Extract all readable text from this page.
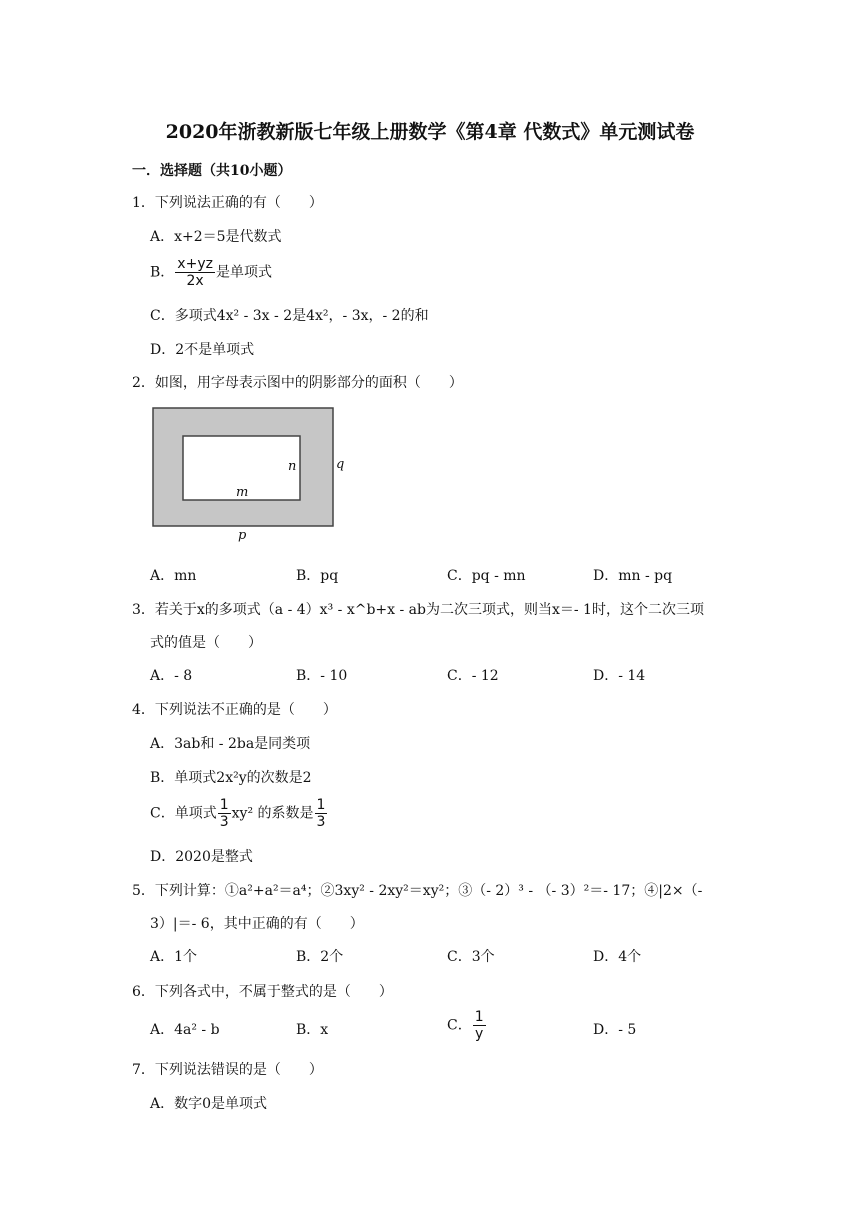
2020年浙教新版七年级上册数学《第4章 代数式》单元测试卷
一．选择题（共10小题）
1．下列说法正确的有（　　）
A．x+2＝5是代数式
B． $\frac{x+yz}{2x}$ 是单项式
C．多项式4x² - 3x - 2是4x²，- 3x，- 2的和
D．2不是单项式
2．如图，用字母表示图中的阴影部分的面积（　　）
m
n
p
q
A．mn	B．pq	C．pq - mn	D．mn - pq
3．若关于x的多项式（a - 4）x³ - x^b+x - ab为二次三项式，则当x＝- 1时，这个二次三项
式的值是（　　）
A．- 8	B．- 10	C．- 12	D．- 14
4．下列说法不正确的是（　　）
A．3ab和 - 2ba是同类项
B．单项式2x²y的次数是2
C．单项式 $\frac{1}{3} xy^2$ 的系数是 $\frac{1}{3}$
D．2020是整式
5．下列计算：①a²+a²＝a⁴；②3xy² - 2xy²＝xy²；③（- 2）³ - （- 3）²＝- 17；④|2×（-
3）|＝- 6，其中正确的有（　　）
A．1个	B．2个	C．3个	D．4个
6．下列各式中，不属于整式的是（　　）
A．4a² - b	B．x	C． $\frac{1}{y}$	D．- 5
7．下列说法错误的是（　　）
A．数字0是单项式
